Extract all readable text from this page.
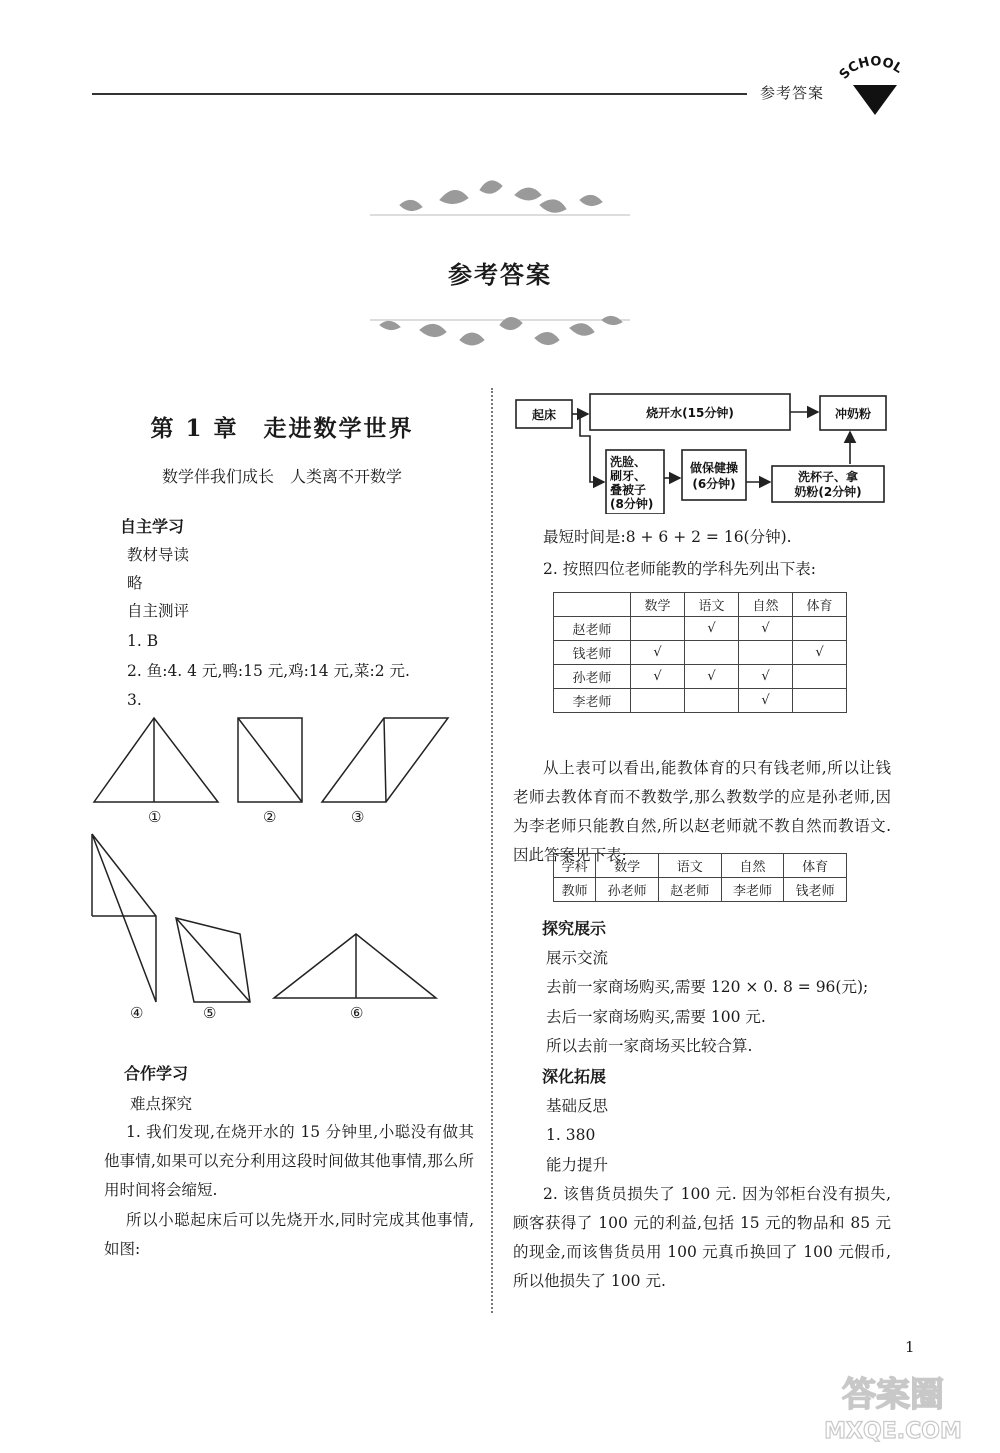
参考答案
SCHOOL
参考答案
第 1 章　走进数学世界
数学伴我们成长　人类离不开数学
自主学习
教材导读
略
自主测评
1. B
2. 鱼:4. 4 元,鸭:15 元,鸡:14 元,菜:2 元.
3.
①	②	③
④	⑤	⑥
合作学习
难点探究
1. 我们发现,在烧开水的 15 分钟里,小聪没有做其他事情,如果可以充分利用这段时间做其他事情,那么所用时间将会缩短.
所以小聪起床后可以先烧开水,同时完成其他事情,如图:
起床	烧开水(15分钟)	冲奶粉
洗脸、
刷牙、
叠被子
(8分钟)
做保健操
(6分钟)	洗杯子、拿
奶粉(2分钟)
最短时间是:8 + 6 + 2 = 16(分钟).
2. 按照四位老师能教的学科先列出下表:
	数学	语文	自然	体育
赵老师		√	√	
钱老师	√			√
孙老师	√	√	√	
李老师			√	
从上表可以看出,能教体育的只有钱老师,所以让钱老师去教体育而不教数学,那么教数学的应是孙老师,因为李老师只能教自然,所以赵老师就不教自然而教语文. 因此答案见下表:
学科	数学	语文	自然	体育
教师	孙老师	赵老师	李老师	钱老师
探究展示
展示交流
去前一家商场购买,需要 120 × 0. 8 = 96(元);
去后一家商场购买,需要 100 元.
所以去前一家商场买比较合算.
深化拓展
基础反思
1. 380
能力提升
2. 该售货员损失了 100 元. 因为邻柜台没有损失,顾客获得了 100 元的利益,包括 15 元的物品和 85 元的现金,而该售货员用 100 元真币换回了 100 元假币,所以他损失了 100 元.
1
答案圈
MXQE.COM
